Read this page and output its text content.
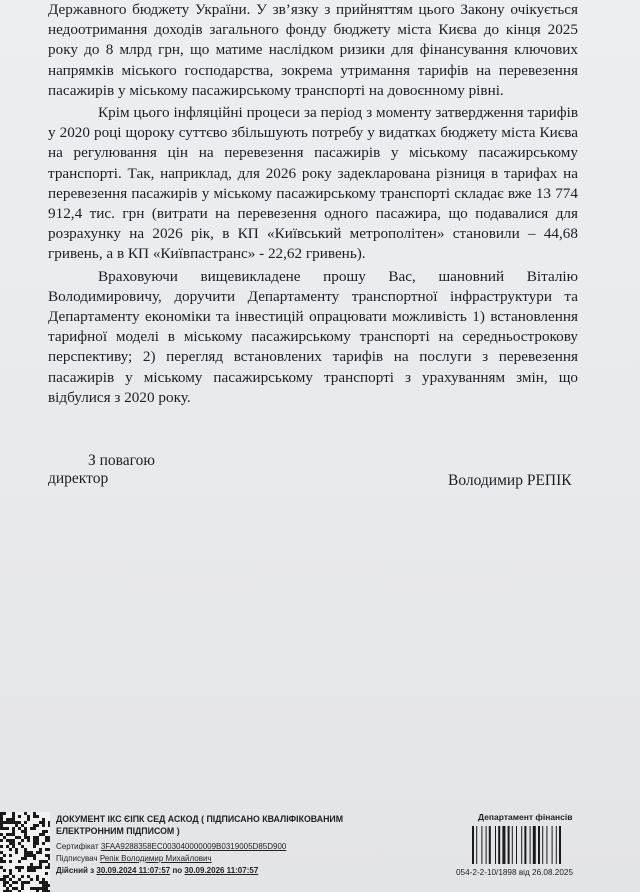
Державного бюджету України. У зв’язку з прийняттям цього Закону очікується недоотримання доходів загального фонду бюджету міста Києва до кінця 2025 року до 8 млрд грн, що матиме наслідком ризики для фінансування ключових напрямків міського господарства, зокрема утримання тарифів на перевезення пасажирів у міському пасажирському транспорті на довоєнному рівні.

Крім цього інфляційні процеси за період з моменту затвердження тарифів у 2020 році щороку суттєво збільшують потребу у видатках бюджету міста Києва на регулювання цін на перевезення пасажирів у міському пасажирському транспорті. Так, наприклад, для 2026 року задекларована різниця в тарифах на перевезення пасажирів у міському пасажирському транспорті складає вже 13 774 912,4 тис. грн (витрати на перевезення одного пасажира, що подавалися для розрахунку на 2026 рік, в КП «Київський метрополітен» становили – 44,68 гривень, а в КП «Київпастранс» - 22,62 гривень).

Враховуючи вищевикладене прошу Вас, шановний Віталію Володимировичу, доручити Департаменту транспортної інфраструктури та Департаменту економіки та інвестицій опрацювати можливість 1) встановлення тарифної моделі в міському пасажирському транспорті на середньострокову перспективу; 2) перегляд встановлених тарифів на послуги з перевезення пасажирів у міському пасажирському транспорті з урахуванням змін, що відбулися з 2020 року.

З повагою
директор	Володимир РЕПІК
ДОКУМЕНТ ІКС ЄІПК СЕД АСКОД ( ПІДПИСАНО КВАЛІФІКОВАНИМ ЕЛЕКТРОННИМ ПІДПИСОМ )
Сертифікат 3FAA9288358EC003040000009B0319005D85D900
Підписувач Репік Володимир Михайлович
Дійсний з 30.09.2024 11:07:57 по 30.09.2026 11:07:57
Департамент фінансів
054-2-2-10/1898 від 26.08.2025
